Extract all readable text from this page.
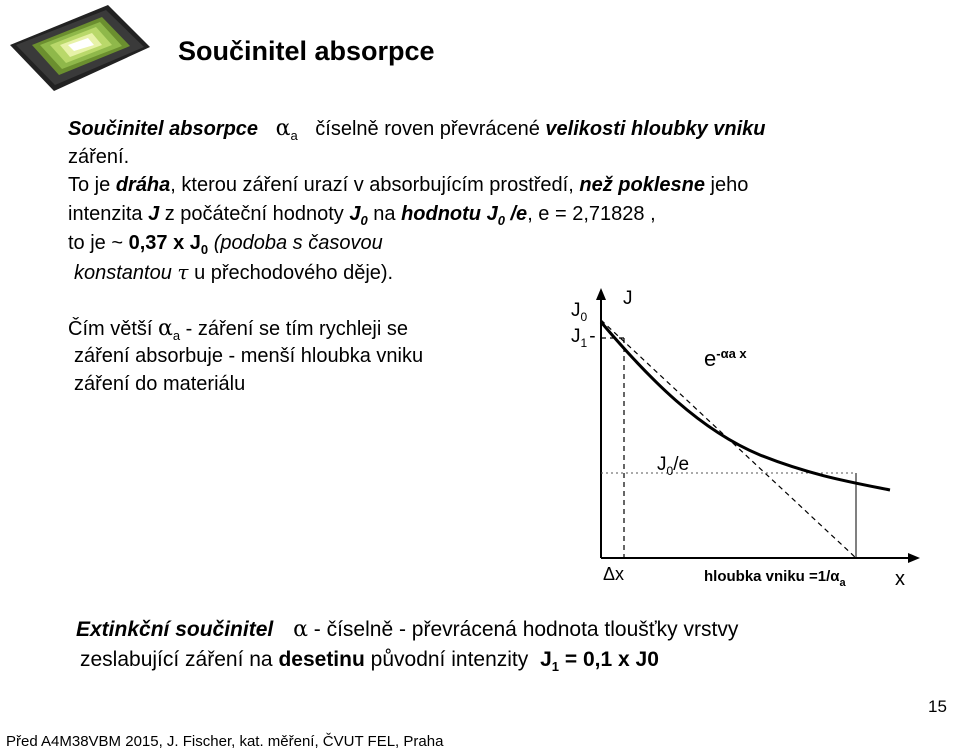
Součinitel absorpce
Součinitel absorpce $\alpha_a$ číselně roven převrácené velikosti hloubky vniku
záření.
To je dráha, kterou záření urazí v absorbujícím prostředí, než poklesne jeho
intenzita J z počáteční hodnoty $J_0$ na hodnotu $J_0$ /e, e = 2,71828 ,
to je ~ 0,37 x $J_0$ (podoba s časovou
konstantou τ u přechodového děje).
Čím větší $\alpha_a$ - záření se tím rychleji se
záření absorbuje - menší hloubka vniku
záření do materiálu
J
$J_0$
$J_1$ -
$e^{-\alpha a x}$
$J_0/e$
Δx	hloubka vniku $=1/\alpha_a$ x
Extinkční součinitel α - číselně - převrácená hodnota tloušťky vrstvy
zeslabující záření na desetinu původní intenzity $J_1 = 0,1$ x J0
15
Před A4M38VBM 2015, J. Fischer, kat. měření, ČVUT FEL, Praha
